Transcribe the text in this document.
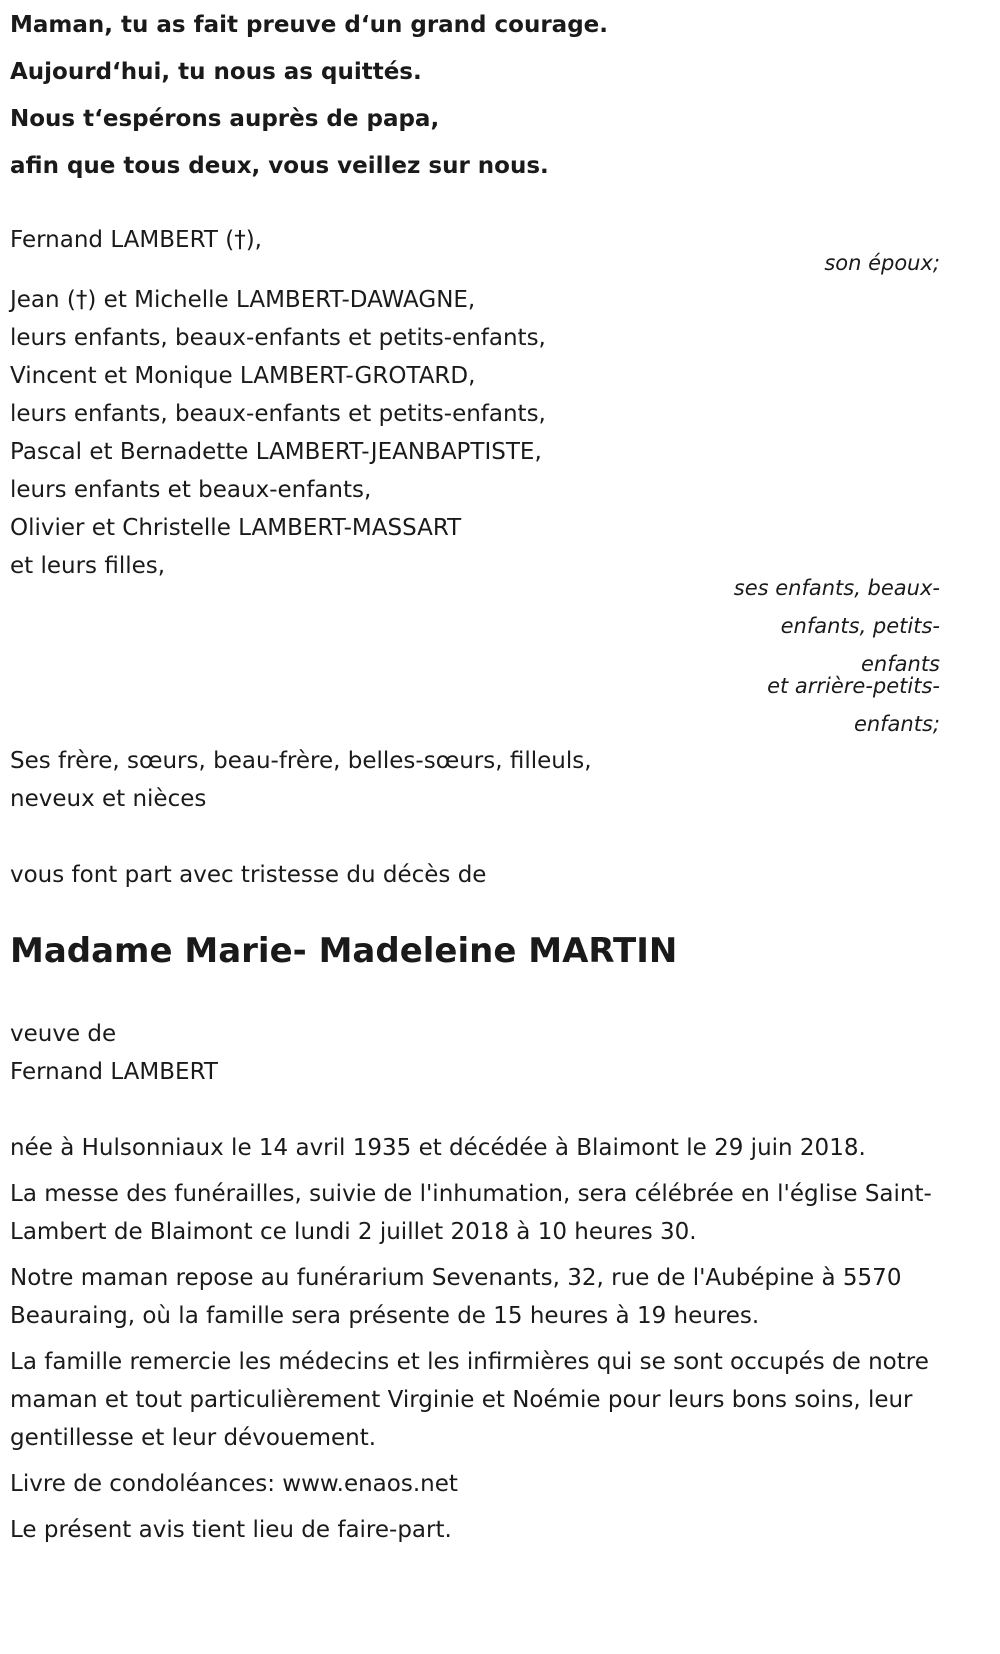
Maman, tu as fait preuve d‘un grand courage.
Aujourd‘hui, tu nous as quittés.
Nous t‘espérons auprès de papa,
afin que tous deux, vous veillez sur nous.
Fernand LAMBERT (†),
son époux;
Jean (†) et Michelle LAMBERT-DAWAGNE,
leurs enfants, beaux-enfants et petits-enfants,
Vincent et Monique LAMBERT-GROTARD,
leurs enfants, beaux-enfants et petits-enfants,
Pascal et Bernadette LAMBERT-JEANBAPTISTE,
leurs enfants et beaux-enfants,
Olivier et Christelle LAMBERT-MASSART
et leurs filles,
ses enfants, beaux-
enfants, petits-
enfants
et arrière-petits-
enfants;
Ses frère, sœurs, beau-frère, belles-sœurs, filleuls,
neveux et nièces
vous font part avec tristesse du décès de
Madame Marie- Madeleine MARTIN
veuve de
Fernand LAMBERT
née à Hulsonniaux le 14 avril 1935 et décédée à Blaimont le 29 juin 2018.
La messe des funérailles, suivie de l'inhumation, sera célébrée en l'église Saint-Lambert de Blaimont ce lundi 2 juillet 2018 à 10 heures 30.
Notre maman repose au funérarium Sevenants, 32, rue de l'Aubépine à 5570 Beauraing, où la famille sera présente de 15 heures à 19 heures.
La famille remercie les médecins et les infirmières qui se sont occupés de notre maman et tout particulièrement Virginie et Noémie pour leurs bons soins, leur gentillesse et leur dévouement.
Livre de condoléances: www.enaos.net
Le présent avis tient lieu de faire-part.
